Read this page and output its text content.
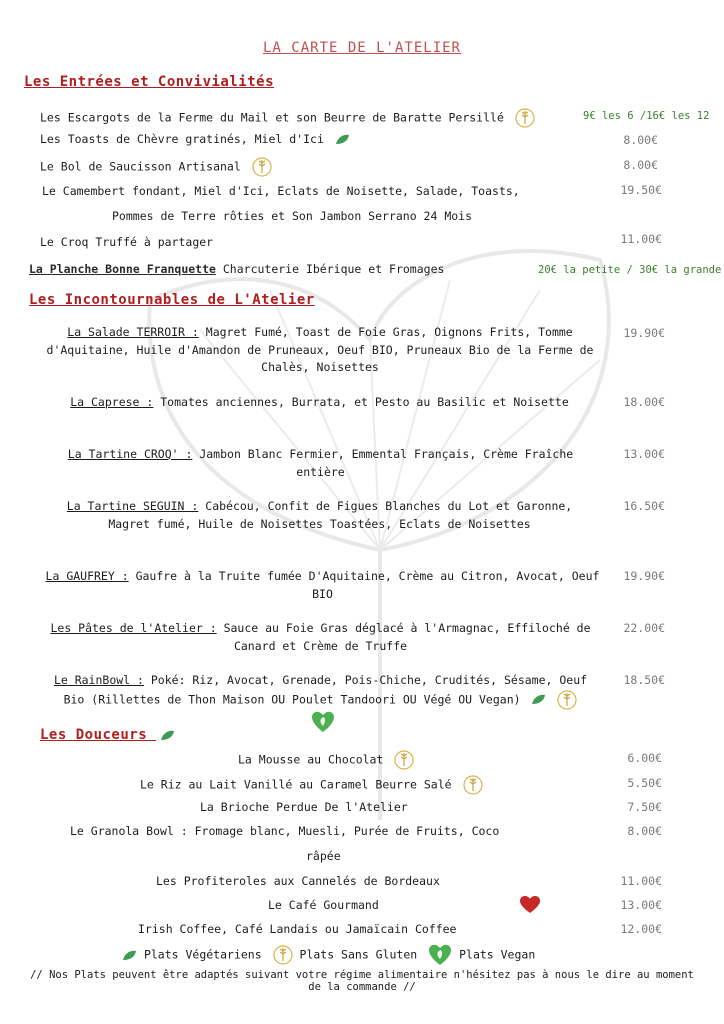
LA CARTE DE L'ATELIER
Les Entrées et Convivialités
Les Escargots de la Ferme du Mail et son Beurre de Baratte Persillé	9€ les 6 /16€ les 12
Les Toasts de Chèvre gratinés, Miel d'Ici	8.00€
Le Bol de Saucisson Artisanal	8.00€
Le Camembert fondant, Miel d'Ici, Eclats de Noisette, Salade, Toasts,
Pommes de Terre rôties et Son Jambon Serrano 24 Mois
19.50€
Le Croq Truffé à partager	11.00€
La Planche Bonne Franquette Charcuterie Ibérique et Fromages	20€ la petite / 30€ la grande
Les Incontournables de L'Atelier
La Salade TERROIR : Magret Fumé, Toast de Foie Gras, Oignons Frits, Tomme d'Aquitaine, Huile d'Amandon de Pruneaux, Oeuf BIO, Pruneaux Bio de la Ferme de Chalès, Noisettes
19.90€
La Caprese : Tomates anciennes, Burrata, et Pesto au Basilic et Noisette	18.00€
La Tartine CROQ' : Jambon Blanc Fermier, Emmental Français, Crème Fraîche entière
13.00€
La Tartine SEGUIN : Cabécou, Confit de Figues Blanches du Lot et Garonne, Magret fumé, Huile de Noisettes Toastées, Eclats de Noisettes
16.50€
La GAUFREY : Gaufre à la Truite fumée D'Aquitaine, Crème au Citron, Avocat, Oeuf BIO
19.90€
Les Pâtes de l'Atelier : Sauce au Foie Gras déglacé à l'Armagnac, Effiloché de Canard et Crème de Truffe
22.00€
Le RainBowl : Poké: Riz, Avocat, Grenade, Pois-Chiche, Crudités, Sésame, Oeuf Bio (Rillettes de Thon Maison OU Poulet Tandoori OU Végé OU Vegan)

18.50€
Les Douceurs
La Mousse au Chocolat	6.00€
Le Riz au Lait Vanillé au Caramel Beurre Salé	5.50€
La Brioche Perdue De l'Atelier	7.50€
Le Granola Bowl : Fromage blanc, Muesli, Purée de Fruits, Coco
râpée
8.00€
Les Profiteroles aux Cannelés de Bordeaux	11.00€
Le Café Gourmand	13.00€
Irish Coffee, Café Landais ou Jamaïcain Coffee	12.00€
Plats Végétariens	Plats Sans Gluten	Plats Vegan
// Nos Plats peuvent être adaptés suivant votre régime alimentaire n'hésitez pas à nous le dire au moment de la commande //
